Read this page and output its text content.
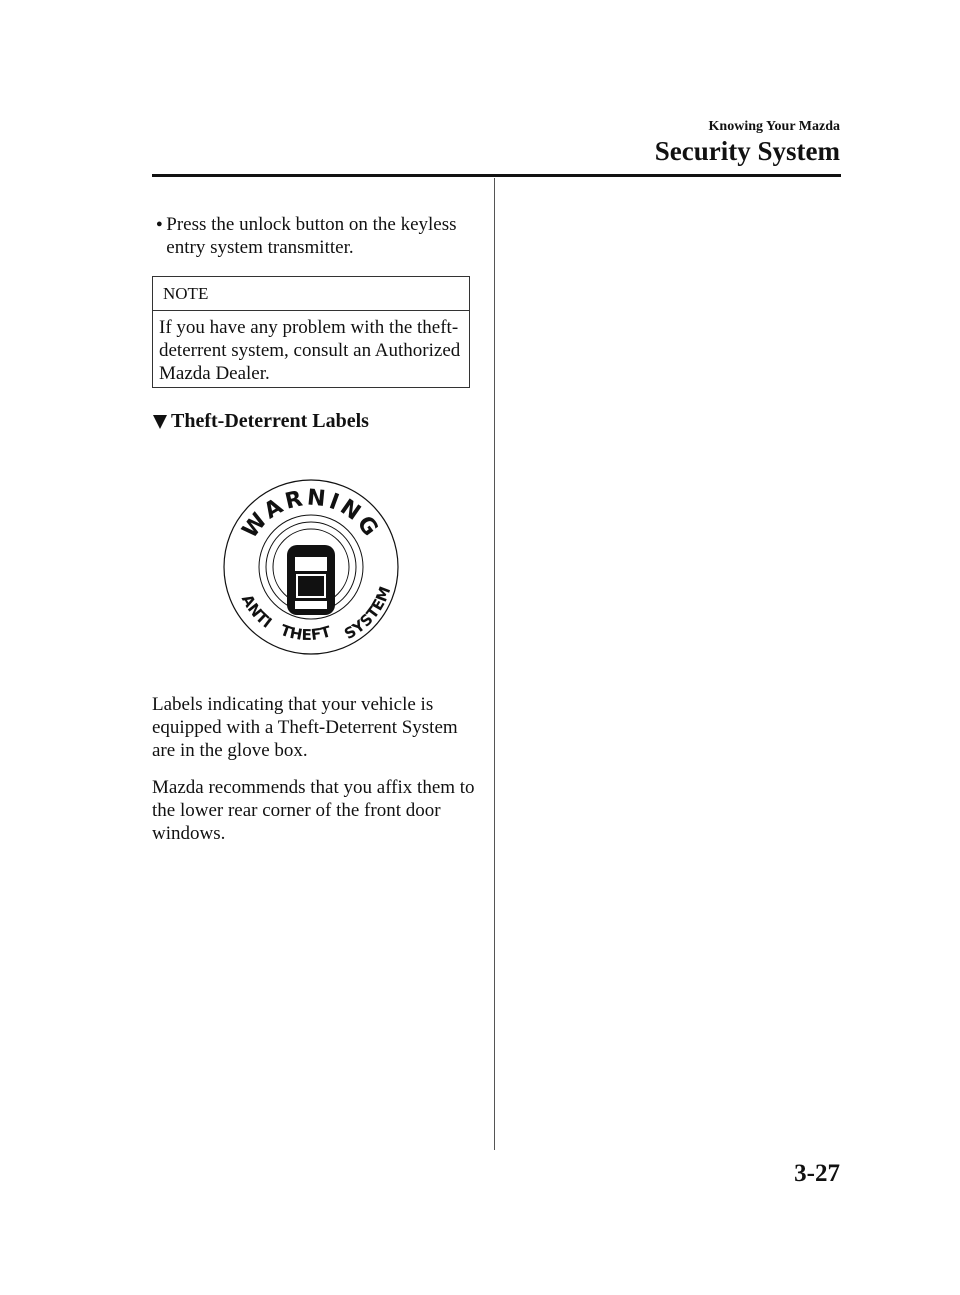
Knowing Your Mazda
Security System
● Press the unlock button on the keyless entry system transmitter.
NOTE
If you have any problem with the theft-deterrent system, consult an Authorized Mazda Dealer.
Theft-Deterrent Labels
WARNING
ANTI THEFT SYSTEM
Labels indicating that your vehicle is equipped with a Theft-Deterrent System are in the glove box.
Mazda recommends that you affix them to the lower rear corner of the front door windows.
3-27
